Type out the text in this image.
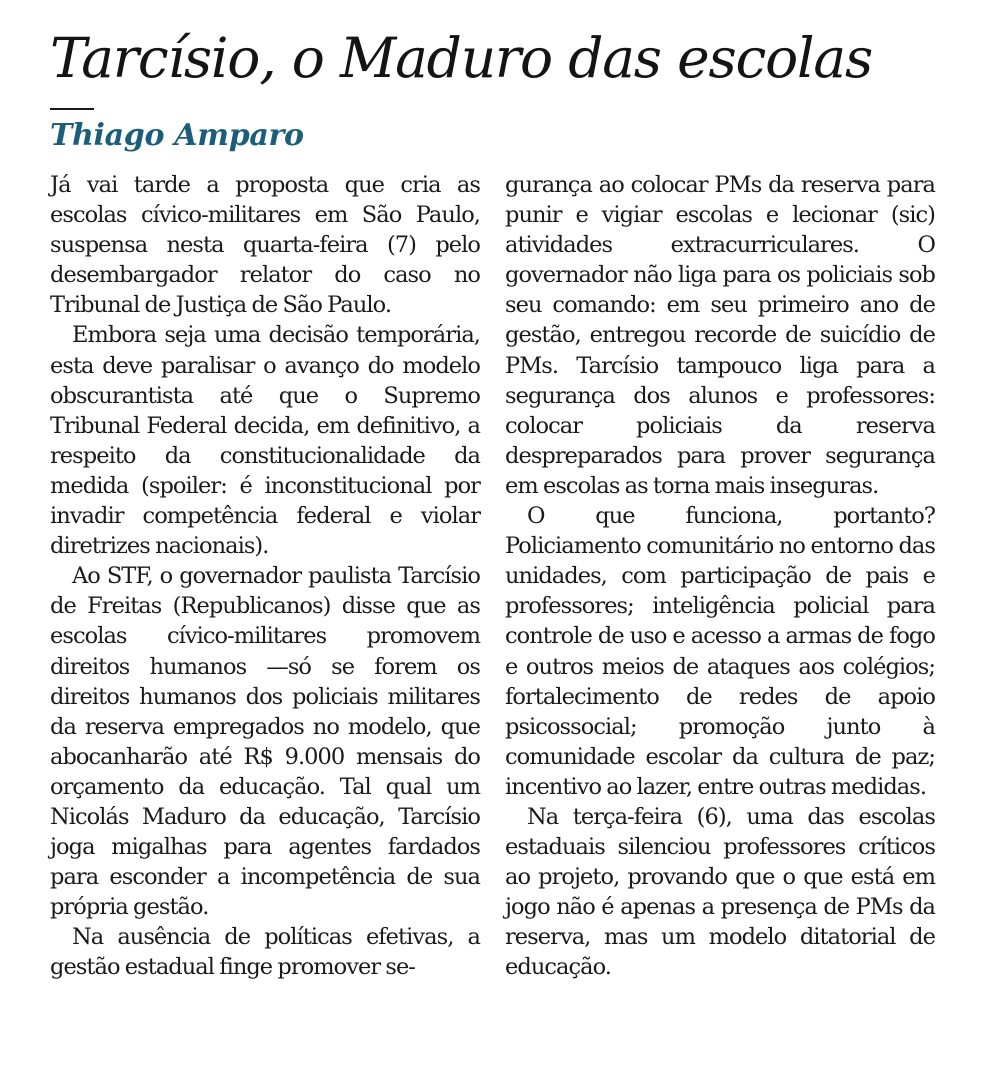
Tarcísio, o Maduro das escolas
Thiago Amparo

Já vai tarde a proposta que cria as escolas cívico-militares em São Paulo, suspensa nesta quarta-feira (7) pelo desembargador relator do caso no Tribunal de Justiça de São Paulo.

Embora seja uma decisão temporária, esta deve paralisar o avanço do modelo obscurantista até que o Supremo Tribunal Federal decida, em definitivo, a respeito da constitucionalidade da medida (spoiler: é inconstitucional por invadir competência federal e violar diretrizes nacionais).

Ao STF, o governador paulista Tarcísio de Freitas (Republicanos) disse que as escolas cívico-militares promovem direitos humanos —só se forem os direitos humanos dos policiais militares da reserva empregados no modelo, que abocanharão até R$ 9.000 mensais do orçamento da educação. Tal qual um Nicolás Maduro da educação, Tarcísio joga migalhas para agentes fardados para esconder a incompetência de sua própria gestão.

Na ausência de políticas efetivas, a gestão estadual finge promover se-

gurança ao colocar PMs da reserva para punir e vigiar escolas e lecionar (sic) atividades extracurriculares. O governador não liga para os policiais sob seu comando: em seu primeiro ano de gestão, entregou recorde de suicídio de PMs. Tarcísio tampouco liga para a segurança dos alunos e professores: colocar policiais da reserva despreparados para prover segurança em escolas as torna mais inseguras.

O que funciona, portanto? Policiamento comunitário no entorno das unidades, com participação de pais e professores; inteligência policial para controle de uso e acesso a armas de fogo e outros meios de ataques aos colégios; fortalecimento de redes de apoio psicossocial; promoção junto à comunidade escolar da cultura de paz; incentivo ao lazer, entre outras medidas.

Na terça-feira (6), uma das escolas estaduais silenciou professores críticos ao projeto, provando que o que está em jogo não é apenas a presença de PMs da reserva, mas um modelo ditatorial de educação.
